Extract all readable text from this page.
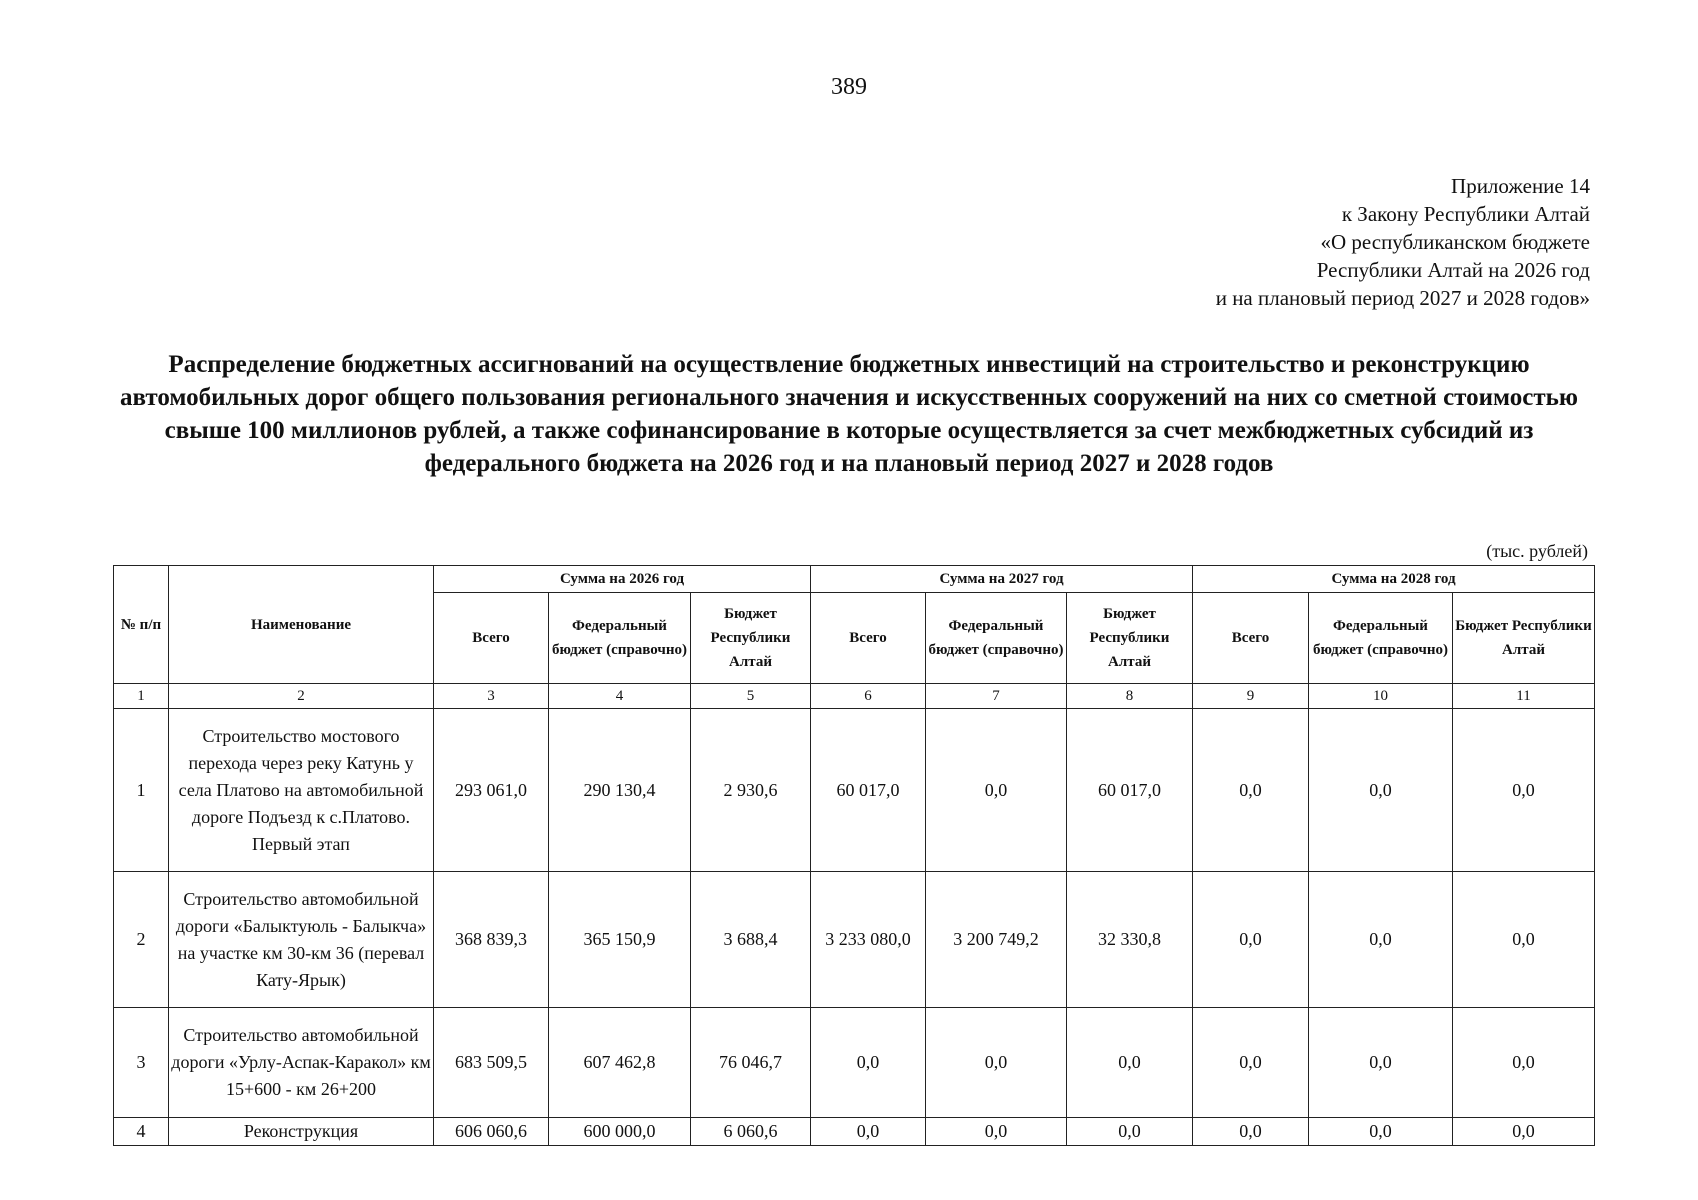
389
Приложение 14
к Закону Республики Алтай
«О республиканском бюджете
Республики Алтай на 2026 год
и на плановый период 2027 и 2028 годов»
Распределение бюджетных ассигнований на осуществление бюджетных инвестиций на строительство и реконструкцию автомобильных дорог общего пользования регионального значения и искусственных сооружений на них со сметной стоимостью свыше 100 миллионов рублей, а также софинансирование в которые осуществляется за счет межбюджетных субсидий из федерального бюджета на 2026 год и на плановый период 2027 и 2028 годов
(тыс. рублей)
№ п/п	Наименование	Сумма на 2026 год			Сумма на 2027 год			Сумма на 2028 год		
		Всего	Федеральный бюджет (справочно)	Бюджет Республики Алтай	Всего	Федеральный бюджет (справочно)	Бюджет Республики Алтай	Всего	Федеральный бюджет (справочно)	Бюджет Республики Алтай
1	2	3	4	5	6	7	8	9	10	11
1	Строительство мостового перехода через реку Катунь у села Платово на автомобильной дороге Подъезд к с.Платово. Первый этап	293 061,0	290 130,4	2 930,6	60 017,0	0,0	60 017,0	0,0	0,0	0,0
2	Строительство автомобильной дороги «Балыктуюль - Балыкча» на участке км 30-км 36 (перевал Кату-Ярык)	368 839,3	365 150,9	3 688,4	3 233 080,0	3 200 749,2	32 330,8	0,0	0,0	0,0
3	Строительство автомобильной дороги «Урлу-Аспак-Каракол» км 15+600 - км 26+200	683 509,5	607 462,8	76 046,7	0,0	0,0	0,0	0,0	0,0	0,0
4	Реконструкция	606 060,6	600 000,0	6 060,6	0,0	0,0	0,0	0,0	0,0	0,0
